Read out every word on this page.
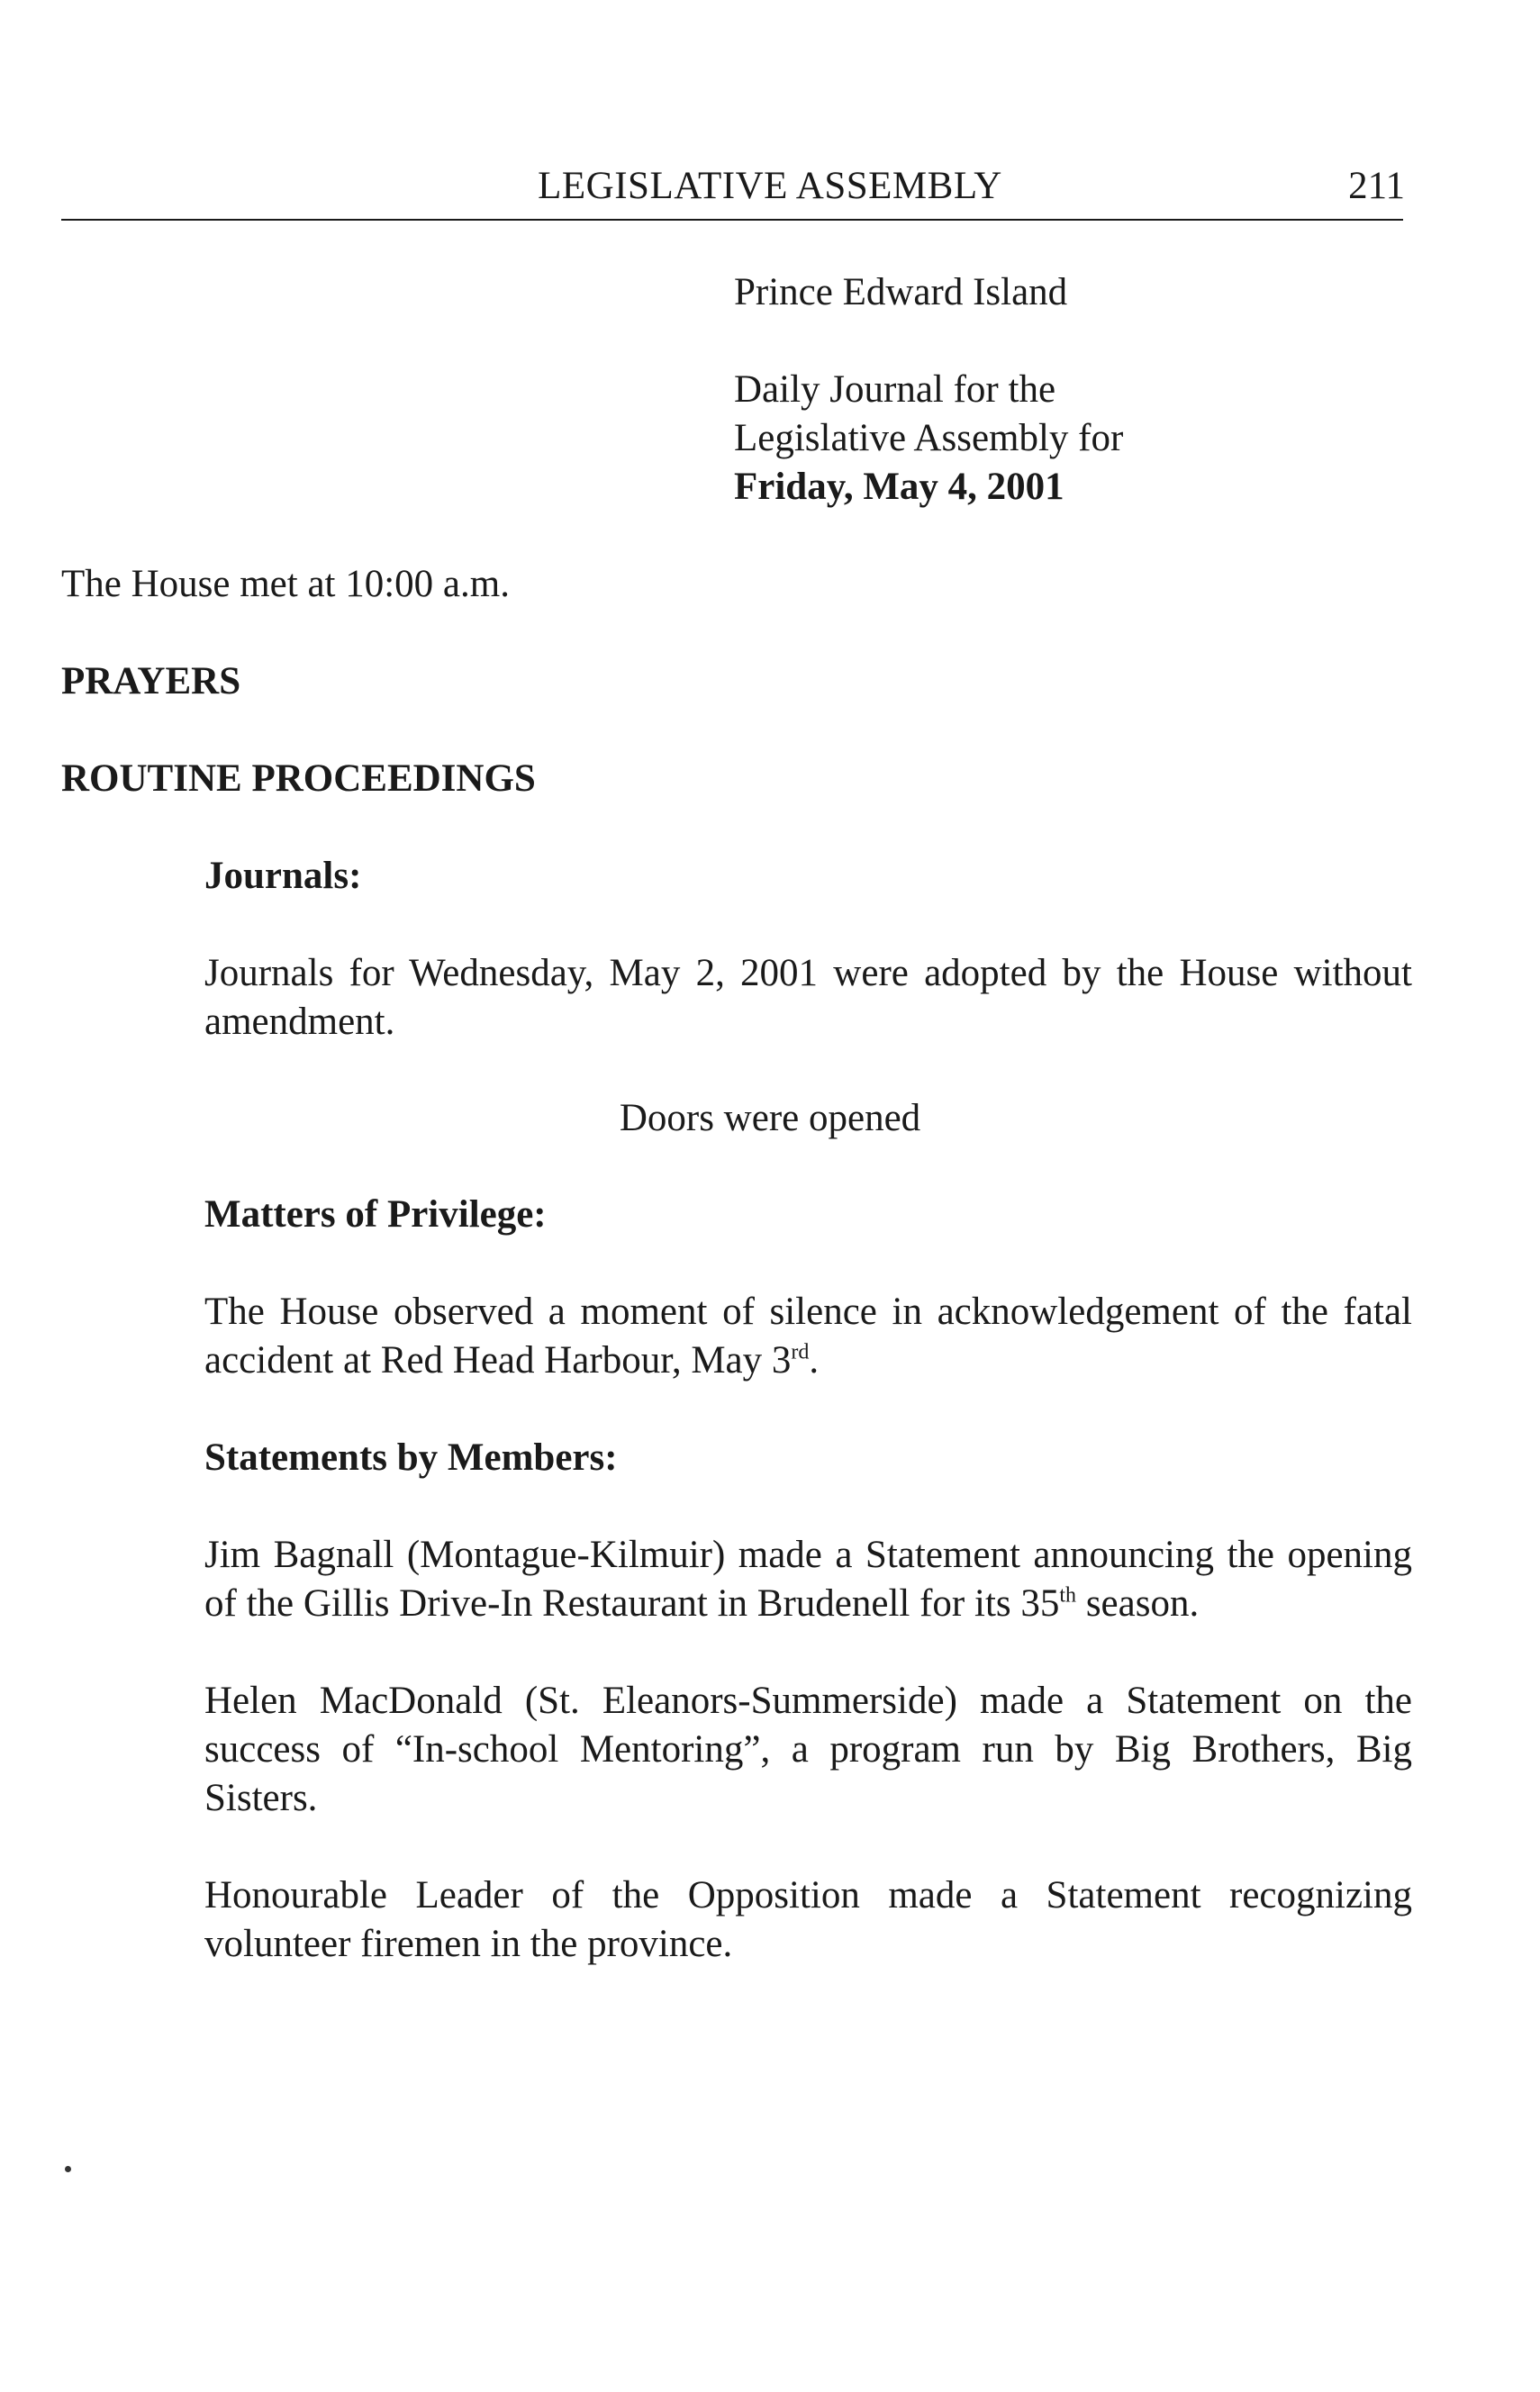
LEGISLATIVE ASSEMBLY	211
Prince Edward Island
Daily Journal for the
Legislative Assembly for
Friday, May 4, 2001
The House met at 10:00 a.m.
PRAYERS
ROUTINE PROCEEDINGS
Journals:
Journals for Wednesday, May 2, 2001 were adopted by the House without amendment.
Doors were opened
Matters of Privilege:
The House observed a moment of silence in acknowledgement of the fatal accident at Red Head Harbour, May 3rd.
Statements by Members:
Jim Bagnall (Montague-Kilmuir) made a Statement announcing the opening of the Gillis Drive-In Restaurant in Brudenell for its 35th season.
Helen MacDonald (St. Eleanors-Summerside) made a Statement on the success of “In-school Mentoring”, a program run by Big Brothers, Big Sisters.
Honourable Leader of the Opposition made a Statement recognizing volunteer firemen in the province.
